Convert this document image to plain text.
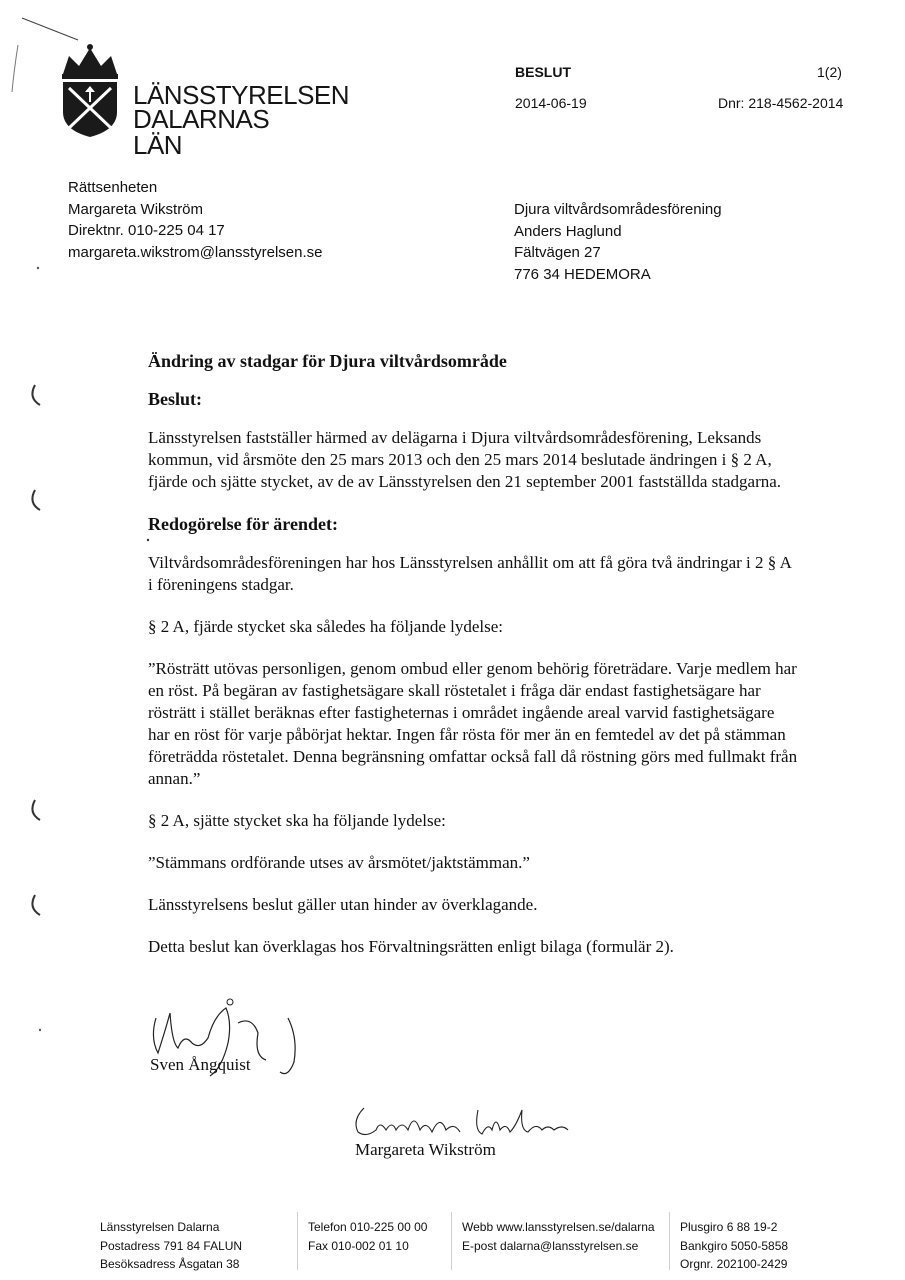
LÄNSSTYRELSEN
DALARNAS LÄN
BESLUT	1(2)
2014-06-19	Dnr: 218-4562-2014
Rättsenheten
Margareta Wikström
Direktnr. 010-225 04 17
margareta.wikstrom@lansstyrelsen.se
Djura viltvårdsområdesförening
Anders Haglund
Fältvägen 27
776 34 HEDEMORA
Ändring av stadgar för Djura viltvårdsområde
Beslut:

Länsstyrelsen fastställer härmed av delägarna i Djura viltvårdsområdesförening, Leksands kommun, vid årsmöte den 25 mars 2013 och den 25 mars 2014 beslutade ändringen i § 2 A, fjärde och sjätte stycket, av de av Länsstyrelsen den 21 september 2001 fastställda stadgarna.

Redogörelse för ärendet:

Viltvårdsområdesföreningen har hos Länsstyrelsen anhållit om att få göra två ändringar i 2 § A i föreningens stadgar.

§ 2 A, fjärde stycket ska således ha följande lydelse:

”Rösträtt utövas personligen, genom ombud eller genom behörig företrädare. Varje medlem har en röst. På begäran av fastighetsägare skall röstetalet i fråga där endast fastighetsägare har rösträtt i stället beräknas efter fastigheternas i området ingående areal varvid fastighetsägare har en röst för varje påbörjat hektar. Ingen får rösta för mer än en femtedel av det på stämman företrädda röstetalet. Denna begränsning omfattar också fall då röstning görs med fullmakt från annan.”

§ 2 A, sjätte stycket ska ha följande lydelse:

”Stämmans ordförande utses av årsmötet/jaktstämman.”

Länsstyrelsens beslut gäller utan hinder av överklagande.

Detta beslut kan överklagas hos Förvaltningsrätten enligt bilaga (formulär 2).

Sven Ångquist
Margareta Wikström
Länsstyrelsen Dalarna
Postadress 791 84 FALUN
Besöksadress Åsgatan 38
Telefon 010-225 00 00
Fax 010-002 01 10
Webb www.lansstyrelsen.se/dalarna
E-post dalarna@lansstyrelsen.se
Plusgiro 6 88 19-2
Bankgiro 5050-5858
Orgnr. 202100-2429
